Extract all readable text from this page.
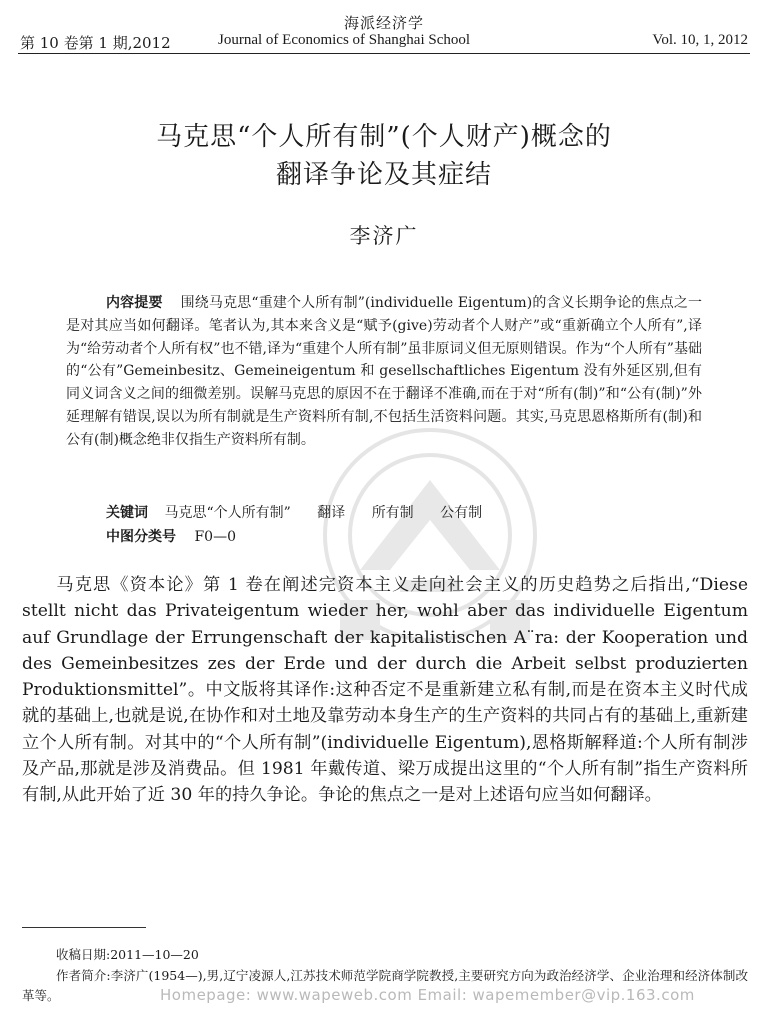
海派经济学
第 10 卷第 1 期,2012	Journal of Economics of Shanghai School	Vol. 10, 1, 2012
马克思“个人所有制”(个人财产)概念的
翻译争论及其症结
李济广
内容提要 围绕马克思“重建个人所有制”(individuelle Eigentum)的含义长期争论的焦点之一是对其应当如何翻译。笔者认为,其本来含义是“赋予(give)劳动者个人财产”或“重新确立个人所有”,译为“给劳动者个人所有权”也不错,译为“重建个人所有制”虽非原词义但无原则错误。作为“个人所有”基础的“公有”Gemeinbesitz、Gemeineigentum 和 gesellschaftliches Eigentum 没有外延区别,但有同义词含义之间的细微差别。误解马克思的原因不在于翻译不准确,而在于对“所有(制)”和“公有(制)”外延理解有错误,误以为所有制就是生产资料所有制,不包括生活资料问题。其实,马克思恩格斯所有(制)和公有(制)概念绝非仅指生产资料所有制。
关键词 马克思“个人所有制” 翻译 所有制 公有制
中图分类号 F0—0

马克思《资本论》第 1 卷在阐述完资本主义走向社会主义的历史趋势之后指出,“Diese stellt nicht das Privateigentum wieder her, wohl aber das individuelle Eigentum auf Grundlage der Errungenschaft der kapitalistischen A¨ra: der Kooperation und des Gemeinbesitzes zes der Erde und der durch die Arbeit selbst produzierten Produktionsmittel”。中文版将其译作:这种否定不是重新建立私有制,而是在资本主义时代成就的基础上,也就是说,在协作和对土地及靠劳动本身生产的生产资料的共同占有的基础上,重新建立个人所有制。对其中的“个人所有制”(individuelle Eigentum),恩格斯解释道:个人所有制涉及产品,那就是涉及消费品。但 1981 年戴传道、梁万成提出这里的“个人所有制”指生产资料所有制,从此开始了近 30 年的持久争论。争论的焦点之一是对上述语句应当如何翻译。

收稿日期:2011—10—20
作者简介:李济广(1954—),男,辽宁凌源人,江苏技术师范学院商学院教授,主要研究方向为政治经济学、企业治理和经济体制改革等。	Homepage: www.wapeweb.com Email: wapemember@vip.163.com
